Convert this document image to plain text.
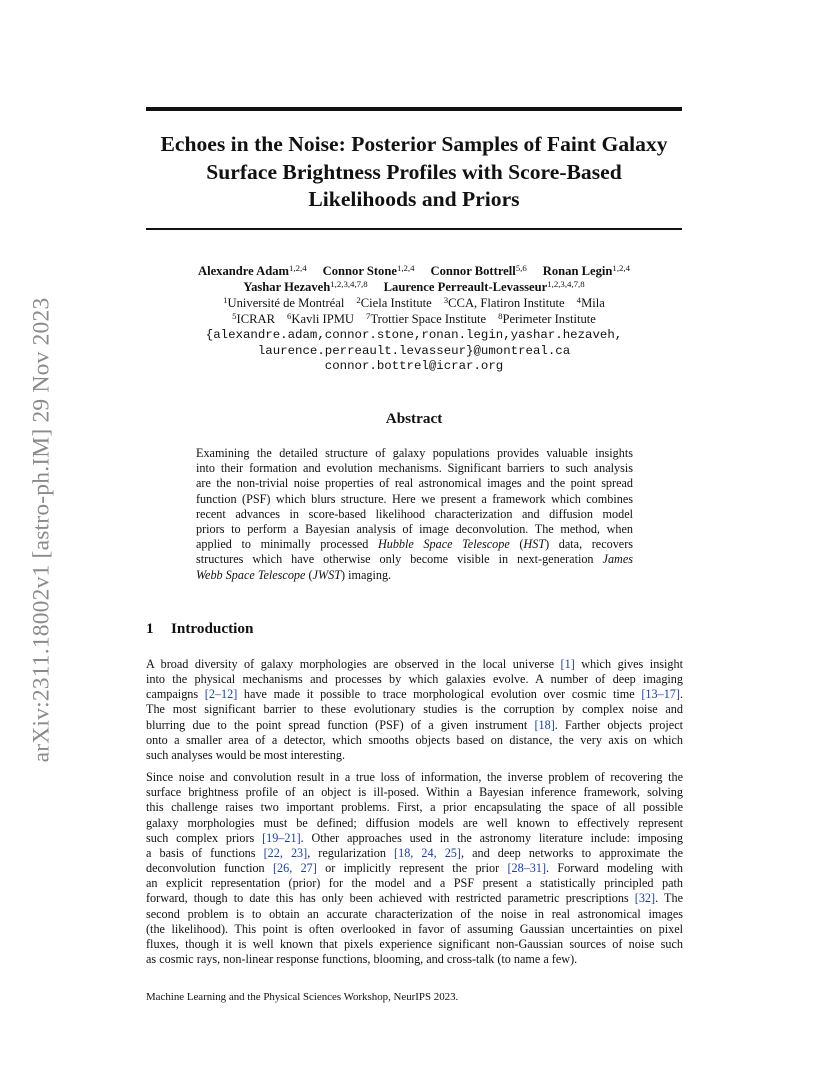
arXiv:2311.18002v1 [astro-ph.IM] 29 Nov 2023
Echoes in the Noise: Posterior Samples of Faint Galaxy
Surface Brightness Profiles with Score-Based
Likelihoods and Priors
Alexandre Adam$^{1,2,4}$ Connor Stone$^{1,2,4}$ Connor Bottrell$^{5,6}$ Ronan Legin$^{1,2,4}$
Yashar Hezaveh$^{1,2,3,4,7,8}$ Laurence Perreault-Levasseur$^{1,2,3,4,7,8}$
$^1$Université de Montréal $^2$Ciela Institute $^3$CCA, Flatiron Institute $^4$Mila
$^5$ICRAR $^6$Kavli IPMU $^7$Trottier Space Institute $^8$Perimeter Institute
{alexandre.adam,connor.stone,ronan.legin,yashar.hezaveh,
laurence.perreault.levasseur}@umontreal.ca
connor.bottrel@icrar.org
Abstract
Examining the detailed structure of galaxy populations provides valuable insights
into their formation and evolution mechanisms. Significant barriers to such analysis
are the non-trivial noise properties of real astronomical images and the point spread
function (PSF) which blurs structure. Here we present a framework which combines
recent advances in score-based likelihood characterization and diffusion model
priors to perform a Bayesian analysis of image deconvolution. The method, when
applied to minimally processed Hubble Space Telescope (HST) data, recovers
structures which have otherwise only become visible in next-generation James
Webb Space Telescope (JWST) imaging.
1 Introduction
A broad diversity of galaxy morphologies are observed in the local universe [1] which gives insight
into the physical mechanisms and processes by which galaxies evolve. A number of deep imaging
campaigns [2–12] have made it possible to trace morphological evolution over cosmic time [13–17].
The most significant barrier to these evolutionary studies is the corruption by complex noise and
blurring due to the point spread function (PSF) of a given instrument [18]. Farther objects project
onto a smaller area of a detector, which smooths objects based on distance, the very axis on which
such analyses would be most interesting.
Since noise and convolution result in a true loss of information, the inverse problem of recovering the
surface brightness profile of an object is ill-posed. Within a Bayesian inference framework, solving
this challenge raises two important problems. First, a prior encapsulating the space of all possible
galaxy morphologies must be defined; diffusion models are well known to effectively represent
such complex priors [19–21]. Other approaches used in the astronomy literature include: imposing
a basis of functions [22, 23], regularization [18, 24, 25], and deep networks to approximate the
deconvolution function [26, 27] or implicitly represent the prior [28–31]. Forward modeling with
an explicit representation (prior) for the model and a PSF present a statistically principled path
forward, though to date this has only been achieved with restricted parametric prescriptions [32]. The
second problem is to obtain an accurate characterization of the noise in real astronomical images
(the likelihood). This point is often overlooked in favor of assuming Gaussian uncertainties on pixel
fluxes, though it is well known that pixels experience significant non-Gaussian sources of noise such
as cosmic rays, non-linear response functions, blooming, and cross-talk (to name a few).
Machine Learning and the Physical Sciences Workshop, NeurIPS 2023.
